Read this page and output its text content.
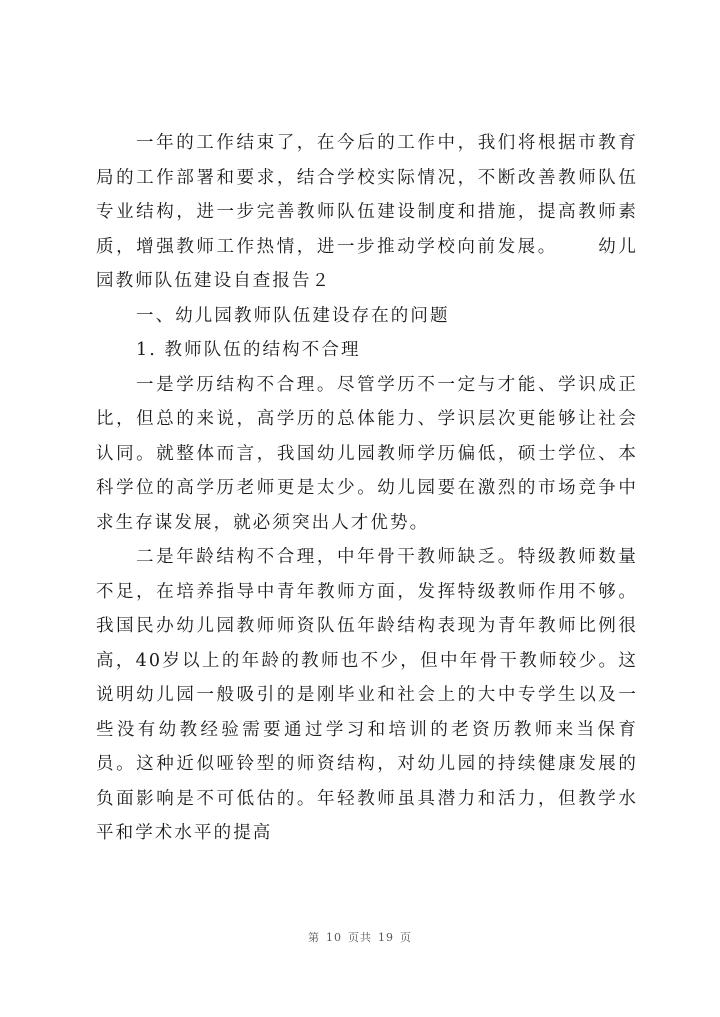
一年的工作结束了，在今后的工作中，我们将根据市教育局的工作部署和要求，结合学校实际情况，不断改善教师队伍专业结构，进一步完善教师队伍建设制度和措施，提高教师素质，增强教师工作热情，进一步推动学校向前发展。 幼儿园教师队伍建设自查报告２

一、幼儿园教师队伍建设存在的问题

1. 教师队伍的结构不合理

一是学历结构不合理。尽管学历不一定与才能、学识成正比，但总的来说，高学历的总体能力、学识层次更能够让社会认同。就整体而言，我国幼儿园教师学历偏低，硕士学位、本科学位的高学历老师更是太少。幼儿园要在激烈的市场竞争中求生存谋发展，就必须突出人才优势。

二是年龄结构不合理，中年骨干教师缺乏。特级教师数量不足，在培养指导中青年教师方面，发挥特级教师作用不够。我国民办幼儿园教师师资队伍年龄结构表现为青年教师比例很高，40岁以上的年龄的教师也不少，但中年骨干教师较少。这说明幼儿园一般吸引的是刚毕业和社会上的大中专学生以及一些没有幼教经验需要通过学习和培训的老资历教师来当保育员。这种近似哑铃型的师资结构，对幼儿园的持续健康发展的负面影响是不可低估的。年轻教师虽具潜力和活力，但教学水平和学术水平的提高

第 10 页共 19 页
